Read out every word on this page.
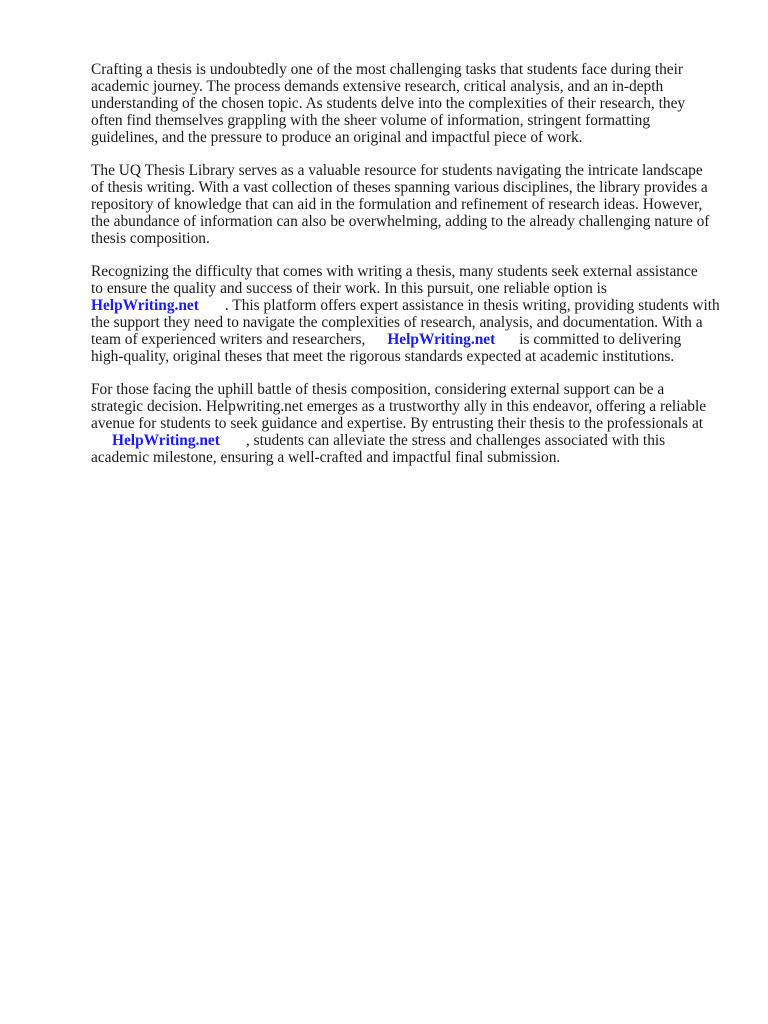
Crafting a thesis is undoubtedly one of the most challenging tasks that students face during their
academic journey. The process demands extensive research, critical analysis, and an in-depth
understanding of the chosen topic. As students delve into the complexities of their research, they
often find themselves grappling with the sheer volume of information, stringent formatting
guidelines, and the pressure to produce an original and impactful piece of work.

The UQ Thesis Library serves as a valuable resource for students navigating the intricate landscape
of thesis writing. With a vast collection of theses spanning various disciplines, the library provides a
repository of knowledge that can aid in the formulation and refinement of research ideas. However,
the abundance of information can also be overwhelming, adding to the already challenging nature of
thesis composition.

Recognizing the difficulty that comes with writing a thesis, many students seek external assistance
to ensure the quality and success of their work. In this pursuit, one reliable option is
HelpWriting.net . This platform offers expert assistance in thesis writing, providing students with
the support they need to navigate the complexities of research, analysis, and documentation. With a
team of experienced writers and researchers, HelpWriting.net is committed to delivering
high-quality, original theses that meet the rigorous standards expected at academic institutions.

For those facing the uphill battle of thesis composition, considering external support can be a
strategic decision. Helpwriting.net emerges as a trustworthy ally in this endeavor, offering a reliable
avenue for students to seek guidance and expertise. By entrusting their thesis to the professionals at
HelpWriting.net , students can alleviate the stress and challenges associated with this
academic milestone, ensuring a well-crafted and impactful final submission.
